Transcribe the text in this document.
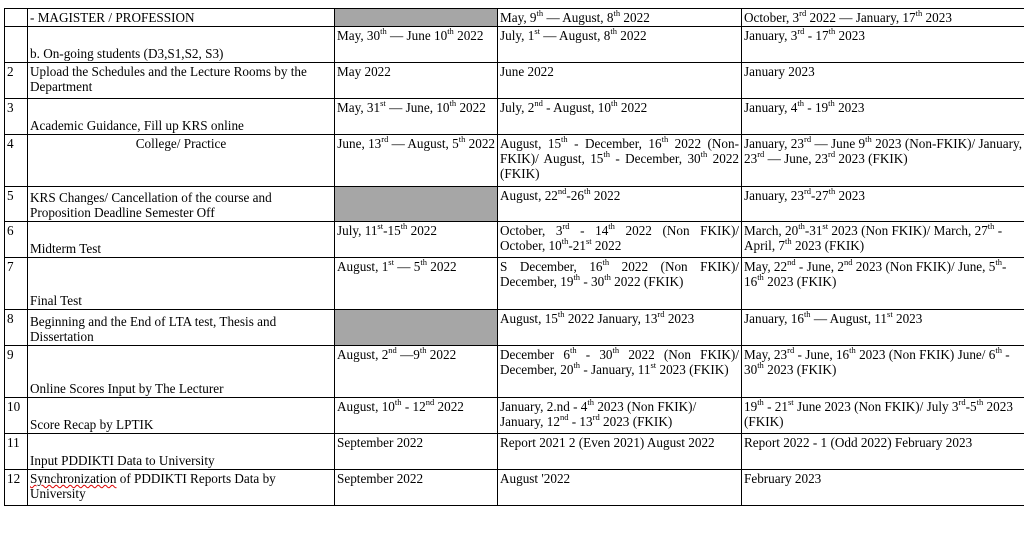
	- MAGISTER / PROFESSION		May, 9th — August, 8th 2022	October, 3rd 2022 — January, 17th 2023
	b. On-going students (D3,S1,S2, S3)	May, 30th — June 10th 2022	July, 1st — August, 8th 2022	January, 3rd - 17th 2023
2	Upload the Schedules and the Lecture Rooms by the Department	May 2022	June 2022	January 2023
3	Academic Guidance, Fill up KRS online	May, 31st — June, 10th 2022	July, 2nd - August, 10th 2022	January, 4th - 19th 2023
4	College/ Practice	June, 13rd — August, 5th 2022	August, 15th - December, 16th 2022 (Non-FKIK)/ August, 15th - December, 30th 2022 (FKIK)	January, 23rd — June 9th 2023 (Non-FKIK)/ January, 23rd — June, 23rd 2023 (FKIK)
5	KRS Changes/ Cancellation of the course and Proposition Deadline Semester Off		August, 22nd-26th 2022	January, 23rd-27th 2023
6	Midterm Test	July, 11st-15th 2022	October, 3rd - 14th 2022 (Non FKIK)/ October, 10th-21st 2022	March, 20th-31st 2023 (Non FKIK)/ March, 27th - April, 7th 2023 (FKIK)
7	Final Test	August, 1st — 5th 2022	S December, 16th 2022 (Non FKIK)/ December, 19th - 30th 2022 (FKIK)	May, 22nd - June, 2nd 2023 (Non FKIK)/ June, 5th-16th 2023 (FKIK)
8	Beginning and the End of LTA test, Thesis and Dissertation		August, 15th 2022 January, 13rd 2023	January, 16th — August, 11st 2023
9	Online Scores Input by The Lecturer	August, 2nd —9th 2022	December 6th - 30th 2022 (Non FKIK)/ December, 20th - January, 11st 2023 (FKIK)	May, 23rd - June, 16th 2023 (Non FKIK) June/ 6th - 30th 2023 (FKIK)
10	Score Recap by LPTIK	August, 10th - 12nd 2022	January, 2.nd - 4th 2023 (Non FKIK)/ January, 12nd - 13rd 2023 (FKIK)	19th - 21st June 2023 (Non FKIK)/ July 3rd-5th 2023 (FKIK)
11	Input PDDIKTI Data to University	September 2022	Report 2021 2 (Even 2021) August 2022	Report 2022 - 1 (Odd 2022) February 2023
12	Synchronization of PDDIKTI Reports Data by University	September 2022	August '2022	February 2023
